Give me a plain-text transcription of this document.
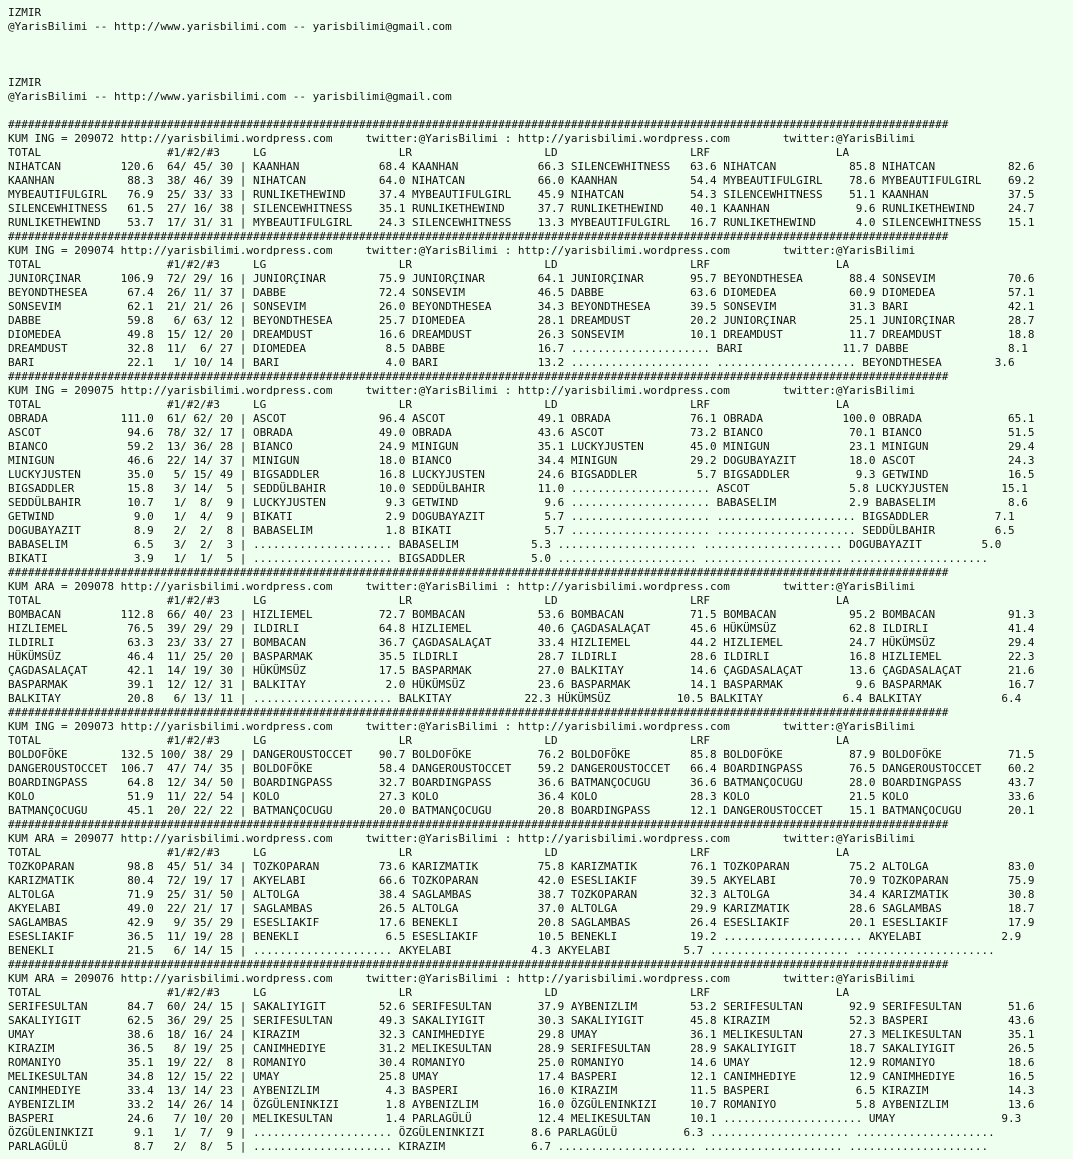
IZMIR
@YarisBilimi -- http://www.yarisbilimi.com -- yarisbilimi@gmail.com
IZMIR
@YarisBilimi -- http://www.yarisbilimi.com -- yarisbilimi@gmail.com
##############################################################################################################################################
KUM ING = 209072 http://yarisbilimi.wordpress.com     twitter:@YarisBilimi : http://yarisbilimi.wordpress.com        twitter:@YarisBilimi
TOTAL                   #1/#2/#3     LG                    LR                    LD                    LRF                   LA
NIHATCAN         120.6  64/ 45/ 30 | KAANHAN            68.4 KAANHAN            66.3 SILENCEWHITNESS   63.6 NIHATCAN           85.8 NIHATCAN           82.6
KAANHAN           88.3  38/ 46/ 39 | NIHATCAN           64.0 NIHATCAN           66.0 KAANHAN           54.4 MYBEAUTIFULGIRL    78.6 MYBEAUTIFULGIRL    69.2
MYBEAUTIFULGIRL   76.9  25/ 33/ 33 | RUNLIKETHEWIND     37.4 MYBEAUTIFULGIRL    45.9 NIHATCAN          54.3 SILENCEWHITNESS    51.1 KAANHAN            37.5
SILENCEWHITNESS   61.5  27/ 16/ 38 | SILENCEWHITNESS    35.1 RUNLIKETHEWIND     37.7 RUNLIKETHEWIND    40.1 KAANHAN             9.6 RUNLIKETHEWIND     24.7
RUNLIKETHEWIND    53.7  17/ 31/ 31 | MYBEAUTIFULGIRL    24.3 SILENCEWHITNESS    13.3 MYBEAUTIFULGIRL   16.7 RUNLIKETHEWIND      4.0 SILENCEWHITNESS    15.1
##############################################################################################################################################
KUM ING = 209074 http://yarisbilimi.wordpress.com     twitter:@YarisBilimi : http://yarisbilimi.wordpress.com        twitter:@YarisBilimi
TOTAL                   #1/#2/#3     LG                    LR                    LD                    LRF                   LA
JUNIORÇINAR      106.9  72/ 29/ 16 | JUNIORÇINAR        75.9 JUNIORÇINAR        64.1 JUNIORÇINAR       95.7 BEYONDTHESEA       88.4 SONSEVIM           70.6
BEYONDTHESEA      67.4  26/ 11/ 37 | DABBE              72.4 SONSEVIM           46.5 DABBE             63.6 DIOMEDEA           60.9 DIOMEDEA           57.1
SONSEVIM          62.1  21/ 21/ 26 | SONSEVIM           26.0 BEYONDTHESEA       34.3 BEYONDTHESEA      39.5 SONSEVIM           31.3 BARI               42.1
DABBE             59.8   6/ 63/ 12 | BEYONDTHESEA       25.7 DIOMEDEA           28.1 DREAMDUST         20.2 JUNIORÇINAR        25.1 JUNIORÇINAR        28.7
DIOMEDEA          49.8  15/ 12/ 20 | DREAMDUST          16.6 DREAMDUST          26.3 SONSEVIM          10.1 DREAMDUST          11.7 DREAMDUST          18.8
DREAMDUST         32.8  11/  6/ 27 | DIOMEDEA            8.5 DABBE              16.7 ..................... BARI               11.7 DABBE               8.1
BARI              22.1   1/ 10/ 14 | BARI                4.0 BARI               13.2 ..................... ..................... BEYONDTHESEA        3.6
##############################################################################################################################################
KUM ING = 209075 http://yarisbilimi.wordpress.com     twitter:@YarisBilimi : http://yarisbilimi.wordpress.com        twitter:@YarisBilimi
TOTAL                   #1/#2/#3     LG                    LR                    LD                    LRF                   LA
OBRADA           111.0  61/ 62/ 20 | ASCOT              96.4 ASCOT              49.1 OBRADA            76.1 OBRADA            100.0 OBRADA             65.1
ASCOT             94.6  78/ 32/ 17 | OBRADA             49.0 OBRADA             43.6 ASCOT             73.2 BIANCO             70.1 BIANCO             51.5
BIANCO            59.2  13/ 36/ 28 | BIANCO             24.9 MINIGUN            35.1 LUCKYJUSTEN       45.0 MINIGUN            23.1 MINIGUN            29.4
MINIGUN           46.6  22/ 14/ 37 | MINIGUN            18.0 BIANCO             34.4 MINIGUN           29.2 DOGUBAYAZIT        18.0 ASCOT              24.3
LUCKYJUSTEN       35.0   5/ 15/ 49 | BIGSADDLER         16.8 LUCKYJUSTEN        24.6 BIGSADDLER         5.7 BIGSADDLER          9.3 GETWIND            16.5
BIGSADDLER        15.8   3/ 14/  5 | SEDDÜLBAHIR        10.0 SEDDÜLBAHIR        11.0 ..................... ASCOT               5.8 LUCKYJUSTEN        15.1
SEDDÜLBAHIR       10.7   1/  8/  9 | LUCKYJUSTEN         9.3 GETWIND             9.6 ..................... BABASELIM           2.9 BABASELIM           8.6
GETWIND            9.0   1/  4/  9 | BIKATI              2.9 DOGUBAYAZIT         5.7 ..................... ..................... BIGSADDLER          7.1
DOGUBAYAZIT        8.9   2/  2/  8 | BABASELIM           1.8 BIKATI              5.7 ..................... ..................... SEDDÜLBAHIR         6.5
BABASELIM          6.5   3/  2/  3 | ..................... BABASELIM           5.3 ..................... ..................... DOGUBAYAZIT         5.0
BIKATI             3.9   1/  1/  5 | ..................... BIGSADDLER          5.0 ..................... ..................... .....................
##############################################################################################################################################
KUM ARA = 209078 http://yarisbilimi.wordpress.com     twitter:@YarisBilimi : http://yarisbilimi.wordpress.com        twitter:@YarisBilimi
TOTAL                   #1/#2/#3     LG                    LR                    LD                    LRF                   LA
BOMBACAN         112.8  66/ 40/ 23 | HIZLIEMEL          72.7 BOMBACAN           53.6 BOMBACAN          71.5 BOMBACAN           95.2 BOMBACAN           91.3
HIZLIEMEL         76.5  39/ 29/ 29 | ILDIRLI            64.8 HIZLIEMEL          40.6 ÇAGDASALAÇAT      45.6 HÜKÜMSÜZ           62.8 ILDIRLI            41.4
ILDIRLI           63.3  23/ 33/ 27 | BOMBACAN           36.7 ÇAGDASALAÇAT       33.4 HIZLIEMEL         44.2 HIZLIEMEL          24.7 HÜKÜMSÜZ           29.4
HÜKÜMSÜZ          46.4  11/ 25/ 20 | BASPARMAK          35.5 ILDIRLI            28.7 ILDIRLI           28.6 ILDIRLI            16.8 HIZLIEMEL          22.3
ÇAGDASALAÇAT      42.1  14/ 19/ 30 | HÜKÜMSÜZ           17.5 BASPARMAK          27.0 BALKITAY          14.6 ÇAGDASALAÇAT       13.6 ÇAGDASALAÇAT       21.6
BASPARMAK         39.1  12/ 12/ 31 | BALKITAY            2.0 HÜKÜMSÜZ           23.6 BASPARMAK         14.1 BASPARMAK           9.6 BASPARMAK          16.7
BALKITAY          20.8   6/ 13/ 11 | ..................... BALKITAY           22.3 HÜKÜMSÜZ          10.5 BALKITAY            6.4 BALKITAY            6.4
##############################################################################################################################################
KUM ING = 209073 http://yarisbilimi.wordpress.com     twitter:@YarisBilimi : http://yarisbilimi.wordpress.com        twitter:@YarisBilimi
TOTAL                   #1/#2/#3     LG                    LR                    LD                    LRF                   LA
BOLDOFÖKE        132.5 100/ 38/ 29 | DANGEROUSTOCCET    90.7 BOLDOFÖKE          76.2 BOLDOFÖKE         85.8 BOLDOFÖKE          87.9 BOLDOFÖKE          71.5
DANGEROUSTOCCET  106.7  47/ 74/ 35 | BOLDOFÖKE          58.4 DANGEROUSTOCCET    59.2 DANGEROUSTOCCET   66.4 BOARDINGPASS       76.5 DANGEROUSTOCCET    60.2
BOARDINGPASS      64.8  12/ 34/ 50 | BOARDINGPASS       32.7 BOARDINGPASS       36.6 BATMANÇOCUGU      36.6 BATMANÇOCUGU       28.0 BOARDINGPASS       43.7
KOLO              51.9  11/ 22/ 54 | KOLO               27.3 KOLO               36.4 KOLO              28.3 KOLO               21.5 KOLO               33.6
BATMANÇOCUGU      45.1  20/ 22/ 22 | BATMANÇOCUGU       20.0 BATMANÇOCUGU       20.8 BOARDINGPASS      12.1 DANGEROUSTOCCET    15.1 BATMANÇOCUGU       20.1
##############################################################################################################################################
KUM ARA = 209077 http://yarisbilimi.wordpress.com     twitter:@YarisBilimi : http://yarisbilimi.wordpress.com        twitter:@YarisBilimi
TOTAL                   #1/#2/#3     LG                    LR                    LD                    LRF                   LA
TOZKOPARAN        98.8  45/ 51/ 34 | TOZKOPARAN         73.6 KARIZMATIK         75.8 KARIZMATIK        76.1 TOZKOPARAN         75.2 ALTOLGA            83.0
KARIZMATIK        80.4  72/ 19/ 17 | AKYELABI           66.6 TOZKOPARAN         42.0 ESESLIAKIF        39.5 AKYELABI           70.9 TOZKOPARAN         75.9
ALTOLGA           71.9  25/ 31/ 50 | ALTOLGA            38.4 SAGLAMBAS          38.7 TOZKOPARAN        32.3 ALTOLGA            34.4 KARIZMATIK         30.8
AKYELABI          49.0  22/ 21/ 17 | SAGLAMBAS          26.5 ALTOLGA            37.0 ALTOLGA           29.9 KARIZMATIK         28.6 SAGLAMBAS          18.7
SAGLAMBAS         42.9   9/ 35/ 29 | ESESLIAKIF         17.6 BENEKLI            20.8 SAGLAMBAS         26.4 ESESLIAKIF         20.1 ESESLIAKIF         17.9
ESESLIAKIF        36.5  11/ 19/ 28 | BENEKLI             6.5 ESESLIAKIF         10.5 BENEKLI           19.2 ..................... AKYELABI            2.9
BENEKLI           21.5   6/ 14/ 15 | ..................... AKYELABI            4.3 AKYELABI           5.7 ..................... .....................
##############################################################################################################################################
KUM ARA = 209076 http://yarisbilimi.wordpress.com     twitter:@YarisBilimi : http://yarisbilimi.wordpress.com        twitter:@YarisBilimi
TOTAL                   #1/#2/#3     LG                    LR                    LD                    LRF                   LA
SERIFESULTAN      84.7  60/ 24/ 15 | SAKALIYIGIT        52.6 SERIFESULTAN       37.9 AYBENIZLIM        53.2 SERIFESULTAN       92.9 SERIFESULTAN       51.6
SAKALIYIGIT       62.5  36/ 29/ 25 | SERIFESULTAN       49.3 SAKALIYIGIT        30.3 SAKALIYIGIT       45.8 KIRAZIM            52.3 BASPERI            43.6
UMAY              38.6  18/ 16/ 24 | KIRAZIM            32.3 CANIMHEDIYE        29.8 UMAY              36.1 MELIKESULTAN       27.3 MELIKESULTAN       35.1
KIRAZIM           36.5   8/ 19/ 25 | CANIMHEDIYE        31.2 MELIKESULTAN       28.9 SERIFESULTAN      28.9 SAKALIYIGIT        18.7 SAKALIYIGIT        26.5
ROMANIYO          35.1  19/ 22/  8 | ROMANIYO           30.4 ROMANIYO           25.0 ROMANIYO          14.6 UMAY               12.9 ROMANIYO           18.6
MELIKESULTAN      34.8  12/ 15/ 22 | UMAY               25.8 UMAY               17.4 BASPERI           12.1 CANIMHEDIYE        12.9 CANIMHEDIYE        16.5
CANIMHEDIYE       33.4  13/ 14/ 23 | AYBENIZLIM          4.3 BASPERI            16.0 KIRAZIM           11.5 BASPERI             6.5 KIRAZIM            14.3
AYBENIZLIM        33.2  14/ 26/ 14 | ÖZGÜLENINKIZI       1.8 AYBENIZLIM         16.0 ÖZGÜLENINKIZI     10.7 ROMANIYO            5.8 AYBENIZLIM         13.6
BASPERI           24.6   7/ 10/ 20 | MELIKESULTAN        1.4 PARLAGÜLÜ          12.4 MELIKESULTAN      10.1 ..................... UMAY                9.3
ÖZGÜLENINKIZI      9.1   1/  7/  9 | ..................... ÖZGÜLENINKIZI       8.6 PARLAGÜLÜ          6.3 ..................... .....................
PARLAGÜLÜ          8.7   2/  8/  5 | ..................... KIRAZIM             6.7 ..................... ..................... .....................
